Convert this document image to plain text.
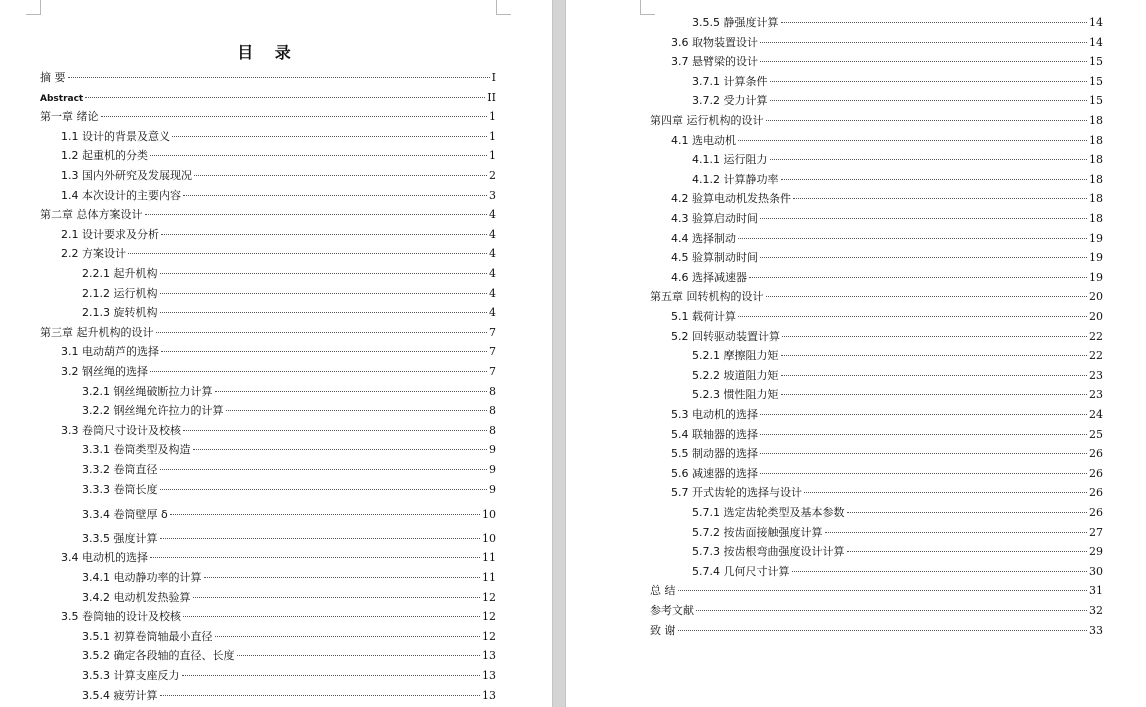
目 录
摘 要	I
Abstract	II
第一章 绪论	1
1.1 设计的背景及意义	1
1.2 起重机的分类	1
1.3 国内外研究及发展现况	2
1.4 本次设计的主要内容	3
第二章 总体方案设计	4
2.1 设计要求及分析	4
2.2 方案设计	4
2.2.1 起升机构	4
2.1.2 运行机构	4
2.1.3 旋转机构	4
第三章 起升机构的设计	7
3.1 电动葫芦的选择	7
3.2 钢丝绳的选择	7
3.2.1 钢丝绳破断拉力计算	8
3.2.2 钢丝绳允许拉力的计算	8
3.3 卷筒尺寸设计及校核	8
3.3.1 卷筒类型及构造	9
3.3.2 卷筒直径	9
3.3.3 卷筒长度	9
3.3.4 卷筒壁厚 δ	10
3.3.5 强度计算	10
3.4 电动机的选择	11
3.4.1 电动静功率的计算	11
3.4.2 电动机发热验算	12
3.5 卷筒轴的设计及校核	12
3.5.1 初算卷筒轴最小直径	12
3.5.2 确定各段轴的直径、长度	13
3.5.3 计算支座反力	13
3.5.4 疲劳计算	13
3.5.5 静强度计算	14
3.6 取物装置设计	14
3.7 悬臂梁的设计	15
3.7.1 计算条件	15
3.7.2 受力计算	15
第四章 运行机构的设计	18
4.1 选电动机	18
4.1.1 运行阻力	18
4.1.2 计算静功率	18
4.2 验算电动机发热条件	18
4.3 验算启动时间	18
4.4 选择制动	19
4.5 验算制动时间	19
4.6 选择减速器	19
第五章 回转机构的设计	20
5.1 载荷计算	20
5.2 回转驱动装置计算	22
5.2.1 摩擦阻力矩	22
5.2.2 坡道阻力矩	23
5.2.3 惯性阻力矩	23
5.3 电动机的选择	24
5.4 联轴器的选择	25
5.5 制动器的选择	26
5.6 减速器的选择	26
5.7 开式齿轮的选择与设计	26
5.7.1 选定齿轮类型及基本参数	26
5.7.2 按齿面接触强度计算	27
5.7.3 按齿根弯曲强度设计计算	29
5.7.4 几何尺寸计算	30
总 结	31
参考文献	32
致 谢	33
